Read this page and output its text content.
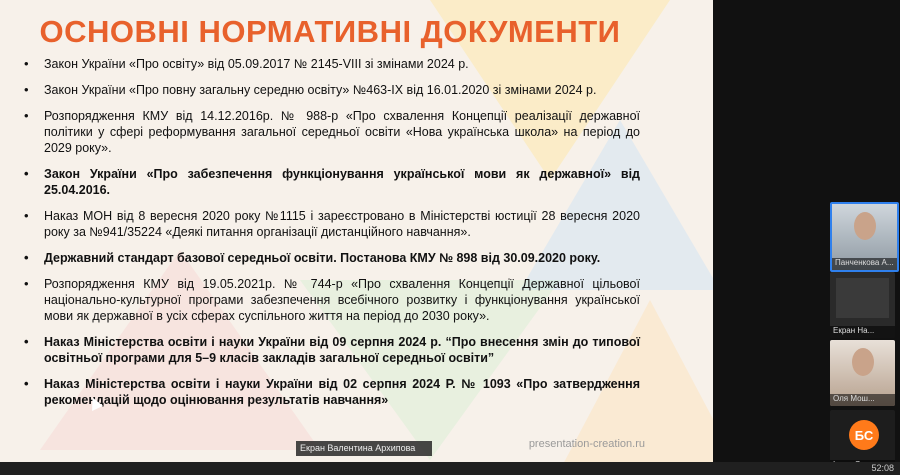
ОСНОВНІ НОРМАТИВНІ ДОКУМЕНТИ
• Закон України «Про освіту» від 05.09.2017 № 2145-VIII зі змінами 2024 р.
• Закон України «Про повну загальну середню освіту» №463-IX від 16.01.2020 зі змінами 2024 р.
• Розпорядження КМУ від 14.12.2016р. № 988-р «Про схвалення Концепції реалізації державної політики у сфері реформування загальної середньої освіти «Нова українська школа» на період до 2029 року».
• Закон України «Про забезпечення функціонування української мови як державної» від 25.04.2016.
• Наказ МОН від 8 вересня 2020 року №1115 і зареєстровано в Міністерстві юстиції 28 вересня 2020 року за №941/35224 «Деякі питання організації дистанційного навчання».
• Державний стандарт базової середньої освіти. Постанова КМУ № 898 від 30.09.2020 року.
• Розпорядження КМУ від 19.05.2021р. № 744-р «Про схвалення Концепції Державної цільової національно-культурної програми забезпечення всебічного розвитку і функціонування української мови як державної в усіх сферах суспільного життя на період до 2030 року».
• Наказ Міністерства освіти і науки України від 09 серпня 2024 р. “Про внесення змін до типової освітньої програми для 5–9 класів закладів загальної середньої освіти”
• Наказ Міністерства освіти і науки України від 02 серпня 2024 Р. № 1093 «Про затвердження рекомендацій щодо оцінювання результатів навчання»
presentation-creation.ru
Екран Валентина Архипова
Панченкова А...
Екран На...
Оля Мош...
БС
52:08
